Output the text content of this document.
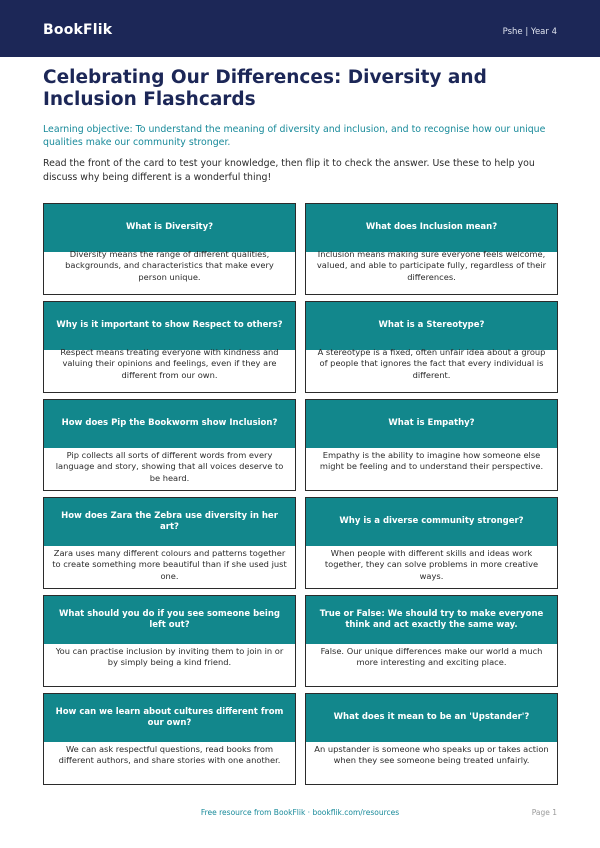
BookFlik	Pshe | Year 4
Celebrating Our Differences: Diversity and Inclusion Flashcards

Learning objective: To understand the meaning of diversity and inclusion, and to recognise how our unique qualities make our community stronger.

Read the front of the card to test your knowledge, then flip it to check the answer. Use these to help you discuss why being different is a wonderful thing!

What is Diversity?
Diversity means the range of different qualities, backgrounds, and characteristics that make every person unique.
What does Inclusion mean?
Inclusion means making sure everyone feels welcome, valued, and able to participate fully, regardless of their differences.
Why is it important to show Respect to others?
Respect means treating everyone with kindness and valuing their opinions and feelings, even if they are different from our own.
What is a Stereotype?
A stereotype is a fixed, often unfair idea about a group of people that ignores the fact that every individual is different.
How does Pip the Bookworm show Inclusion?
Pip collects all sorts of different words from every language and story, showing that all voices deserve to be heard.
What is Empathy?
Empathy is the ability to imagine how someone else might be feeling and to understand their perspective.
How does Zara the Zebra use diversity in her art?
Zara uses many different colours and patterns together to create something more beautiful than if she used just one.
Why is a diverse community stronger?
When people with different skills and ideas work together, they can solve problems in more creative ways.
What should you do if you see someone being left out?
You can practise inclusion by inviting them to join in or by simply being a kind friend.
True or False: We should try to make everyone think and act exactly the same way.
False. Our unique differences make our world a much more interesting and exciting place.
How can we learn about cultures different from our own?
We can ask respectful questions, read books from different authors, and share stories with one another.
What does it mean to be an 'Upstander'?
An upstander is someone who speaks up or takes action when they see someone being treated unfairly.
Free resource from BookFlik · bookflik.com/resources	Page 1
